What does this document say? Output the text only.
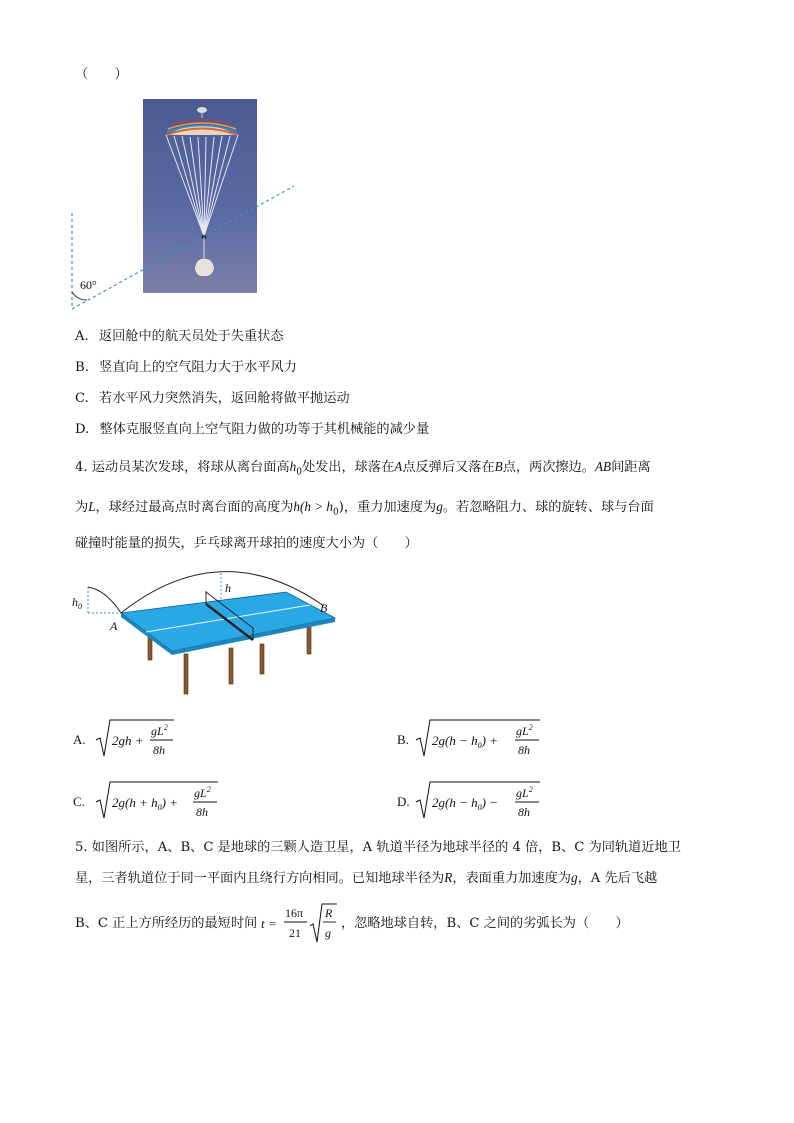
（　　）
60°
A. 返回舱中的航天员处于失重状态
B. 竖直向上的空气阻力大于水平风力
C. 若水平风力突然消失，返回舱将做平抛运动
D. 整体克服竖直向上空气阻力做的功等于其机械能的减少量
4. 运动员某次发球，将球从离台面高$h_0$处发出，球落在A点反弹后又落在B点，两次擦边。AB间距离
为L，球经过最高点时离台面的高度为$h(h > h_0)$，重力加速度为g。若忽略阻力、球的旋转、球与台面
碰撞时能量的损失，乒乓球离开球拍的速度大小为（　　）
$h_0$
h
A
B
A. 2gh +
$gL^2$
8h
B. $2g(h - h_0)$ +
$gL^2$
8h
C. $2g(h + h_0)$ +
$gL^2$
8h
D. $2g(h - h_0)$ −
$gL^2$
8h
5. 如图所示，A、B、C 是地球的三颗人造卫星，A 轨道半径为地球半径的 4 倍，B、C 为同轨道近地卫
星，三者轨道位于同一平面内且绕行方向相同。已知地球半径为R，表面重力加速度为g，A 先后飞越
B、C 正上方所经历的最短时间 t =
16π
21
R
g
，忽略地球自转，B、C 之间的劣弧长为（　　）
